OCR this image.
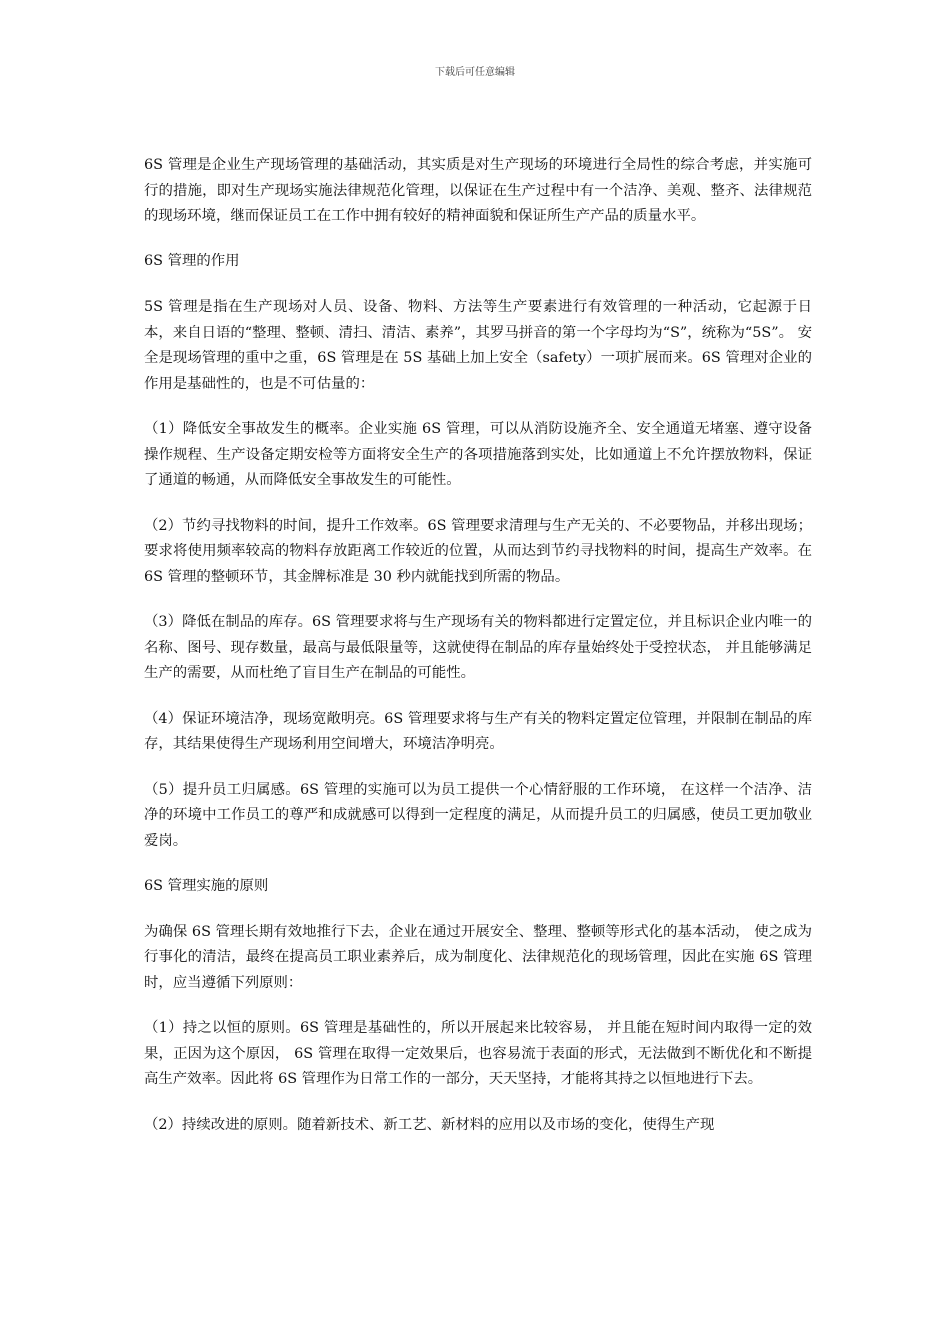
下载后可任意编辑

6S 管理是企业生产现场管理的基础活动，其实质是对生产现场的环境进行全局性的综合考虑，并实施可行的措施，即对生产现场实施法律规范化管理，以保证在生产过程中有一个洁净、美观、整齐、法律规范的现场环境，继而保证员工在工作中拥有较好的精神面貌和保证所生产产品的质量水平。

6S 管理的作用

5S 管理是指在生产现场对人员、设备、物料、方法等生产要素进行有效管理的一种活动，它起源于日本，来自日语的“整理、整顿、清扫、清洁、素养”，其罗马拼音的第一个字母均为“S”，统称为“5S”。 安全是现场管理的重中之重，6S 管理是在 5S 基础上加上安全（safety）一项扩展而来。6S 管理对企业的作用是基础性的，也是不可估量的：

（1）降低安全事故发生的概率。企业实施 6S 管理，可以从消防设施齐全、安全通道无堵塞、遵守设备操作规程、生产设备定期安检等方面将安全生产的各项措施落到实处，比如通道上不允许摆放物料，保证了通道的畅通，从而降低安全事故发生的可能性。

（2）节约寻找物料的时间，提升工作效率。6S 管理要求清理与生产无关的、不必要物品，并移出现场；要求将使用频率较高的物料存放距离工作较近的位置，从而达到节约寻找物料的时间，提高生产效率。在 6S 管理的整顿环节，其金牌标准是 30 秒内就能找到所需的物品。

（3）降低在制品的库存。6S 管理要求将与生产现场有关的物料都进行定置定位，并且标识企业内唯一的名称、图号、现存数量，最高与最低限量等，这就使得在制品的库存量始终处于受控状态， 并且能够满足生产的需要，从而杜绝了盲目生产在制品的可能性。

（4）保证环境洁净，现场宽敞明亮。6S 管理要求将与生产有关的物料定置定位管理，并限制在制品的库存，其结果使得生产现场利用空间增大，环境洁净明亮。

（5）提升员工归属感。6S 管理的实施可以为员工提供一个心情舒服的工作环境， 在这样一个洁净、洁净的环境中工作员工的尊严和成就感可以得到一定程度的满足，从而提升员工的归属感，使员工更加敬业爱岗。

6S 管理实施的原则

为确保 6S 管理长期有效地推行下去，企业在通过开展安全、整理、整顿等形式化的基本活动， 使之成为行事化的清洁，最终在提高员工职业素养后，成为制度化、法律规范化的现场管理，因此在实施 6S 管理时，应当遵循下列原则：

（1）持之以恒的原则。6S 管理是基础性的，所以开展起来比较容易， 并且能在短时间内取得一定的效果，正因为这个原因， 6S 管理在取得一定效果后，也容易流于表面的形式，无法做到不断优化和不断提高生产效率。因此将 6S 管理作为日常工作的一部分，天天坚持，才能将其持之以恒地进行下去。

（2）持续改进的原则。随着新技术、新工艺、新材料的应用以及市场的变化，使得生产现
